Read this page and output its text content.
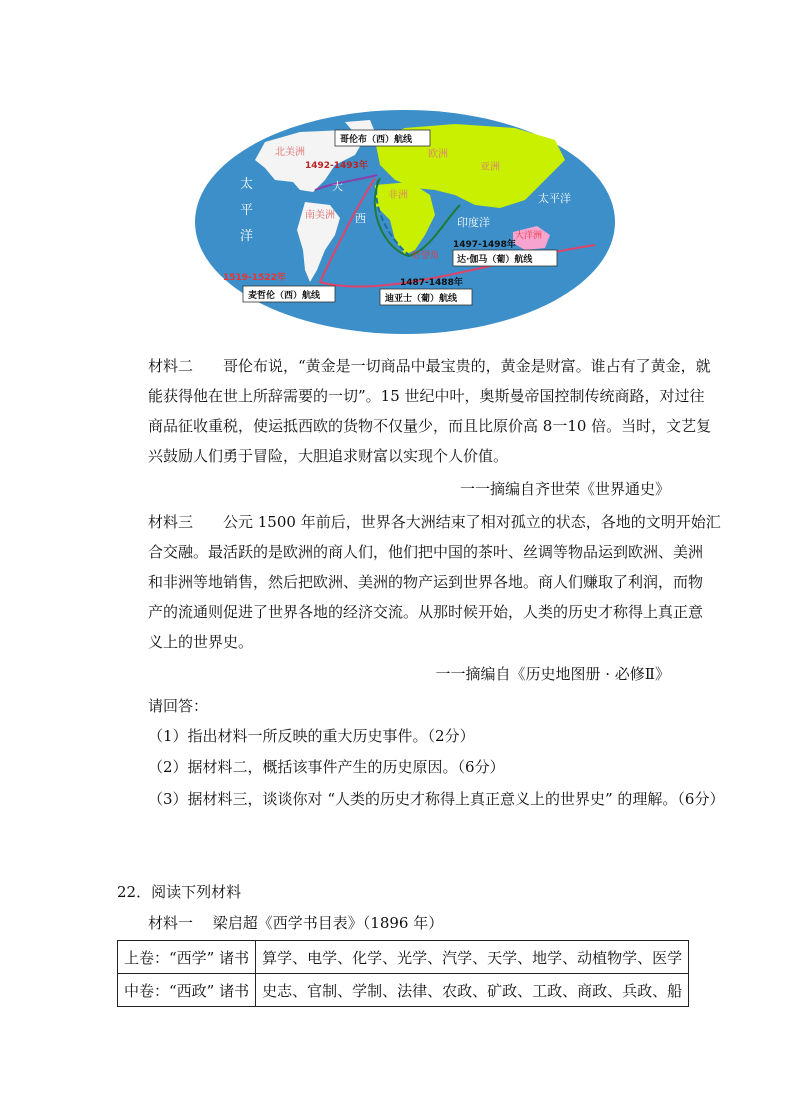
北美洲
南美洲
欧洲
亚洲
非洲
大洋洲
太
平
洋
太平洋
大
西	印度洋
好望角
1492-1493年
1519-1522年	1487-1488年
1497-1498年
哥伦布（西）航线
麦哲伦（西）航线	迪亚士（葡）航线
达·伽马（葡）航线
材料二　　哥伦布说，“黄金是一切商品中最宝贵的，黄金是财富。谁占有了黄金，就
能获得他在世上所辞需要的一切”。15 世纪中叶，奥斯曼帝国控制传统商路，对过往
商品征收重税，使运抵西欧的货物不仅量少，而且比原价高 8一10 倍。当时，文艺复
兴鼓励人们勇于冒险，大胆追求财富以实现个人价值。
一一摘编自齐世荣《世界通史》
材料三　　公元 1500 年前后，世界各大洲结束了相对孤立的状态，各地的文明开始汇
合交融。最活跃的是欧洲的商人们，他们把中国的茶叶、丝调等物品运到欧洲、美洲
和非洲等地销售，然后把欧洲、美洲的物产运到世界各地。商人们赚取了利润，而物
产的流通则促进了世界各地的经济交流。从那时候开始，人类的历史才称得上真正意
义上的世界史。
一一摘编自《历史地图册 · 必修Ⅱ》
请回答：
（1）指出材料一所反映的重大历史事件。（2分）
（2）据材料二，概括该事件产生的历史原因。（6分）
（3）据材料三，谈谈你对 “人类的历史才称得上真正意义上的世界史” 的理解。（6分）
22．阅读下列材料
材料一　 梁启超《西学书目表》（1896 年）
上卷：“西学” 诸书	算学、电学、化学、光学、汽学、天学、地学、动植物学、医学
中卷：“西政” 诸书	史志、官制、学制、法律、农政、矿政、工政、商政、兵政、船
